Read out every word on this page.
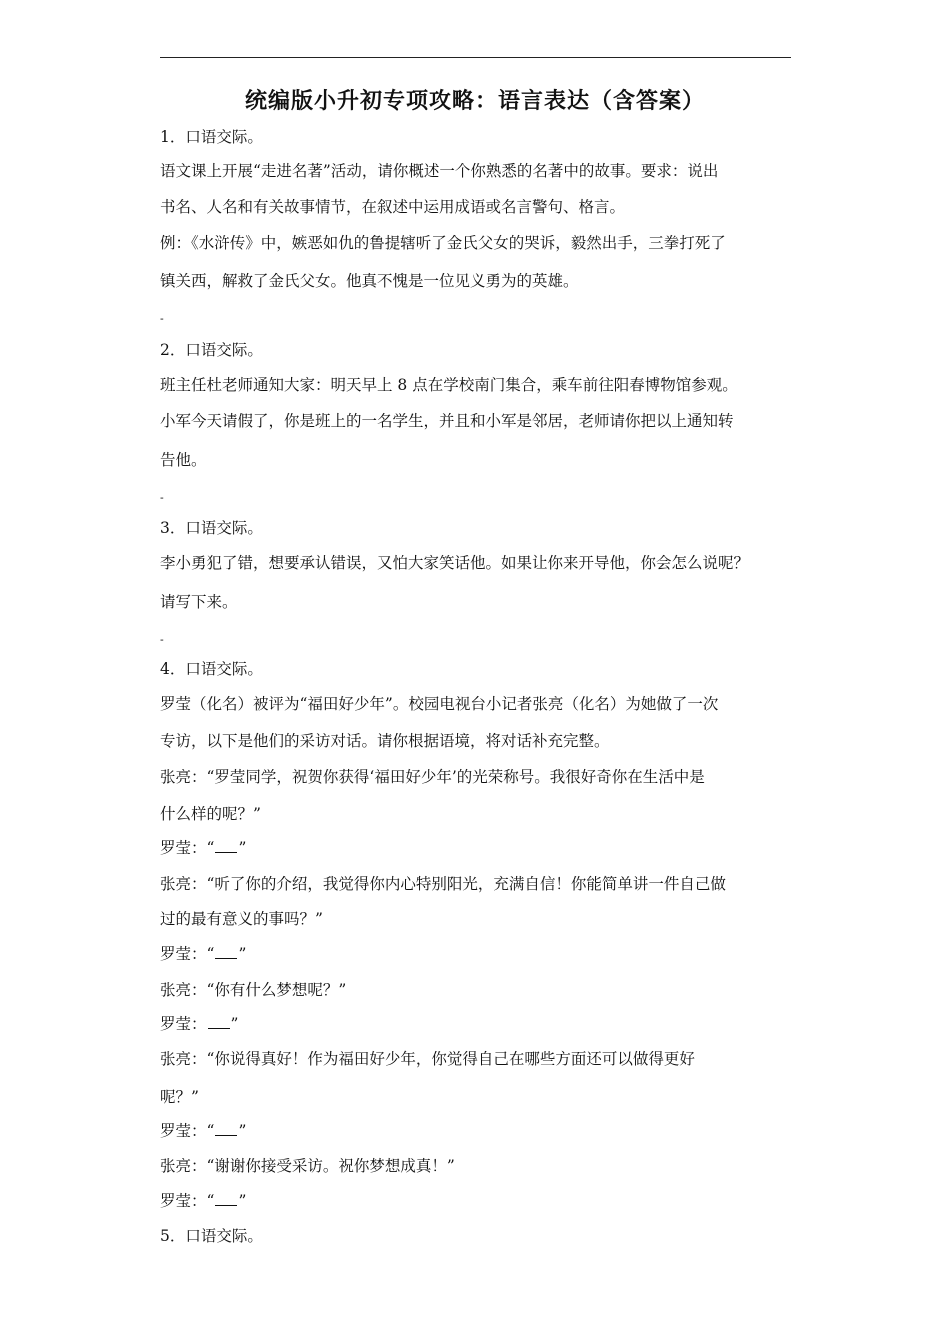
统编版小升初专项攻略：语言表达（含答案）
1．口语交际。
语文课上开展“走进名著”活动，请你概述一个你熟悉的名著中的故事。要求：说出
书名、人名和有关故事情节，在叙述中运用成语或名言警句、格言。
例：《水浒传》中，嫉恶如仇的鲁提辖听了金氏父女的哭诉，毅然出手，三拳打死了
镇关西，解救了金氏父女。他真不愧是一位见义勇为的英雄。
-
2．口语交际。
班主任杜老师通知大家：明天早上 8 点在学校南门集合，乘车前往阳春博物馆参观。
小军今天请假了，你是班上的一名学生，并且和小军是邻居，老师请你把以上通知转
告他。
-
3．口语交际。
李小勇犯了错，想要承认错误，又怕大家笑话他。如果让你来开导他，你会怎么说呢？
请写下来。
-
4．口语交际。
罗莹（化名）被评为“福田好少年”。校园电视台小记者张亮（化名）为她做了一次
专访，以下是他们的采访对话。请你根据语境，将对话补充完整。
张亮：“罗莹同学，祝贺你获得‘福田好少年’的光荣称号。我很好奇你在生活中是
什么样的呢？”
罗莹：“ ”
张亮：“听了你的介绍，我觉得你内心特别阳光，充满自信！你能简单讲一件自己做
过的最有意义的事吗？”
罗莹：“ ”
张亮：“你有什么梦想呢？”
罗莹： ”
张亮：“你说得真好！作为福田好少年，你觉得自己在哪些方面还可以做得更好
呢？”
罗莹：“ ”
张亮：“谢谢你接受采访。祝你梦想成真！”
罗莹：“ ”
5．口语交际。
